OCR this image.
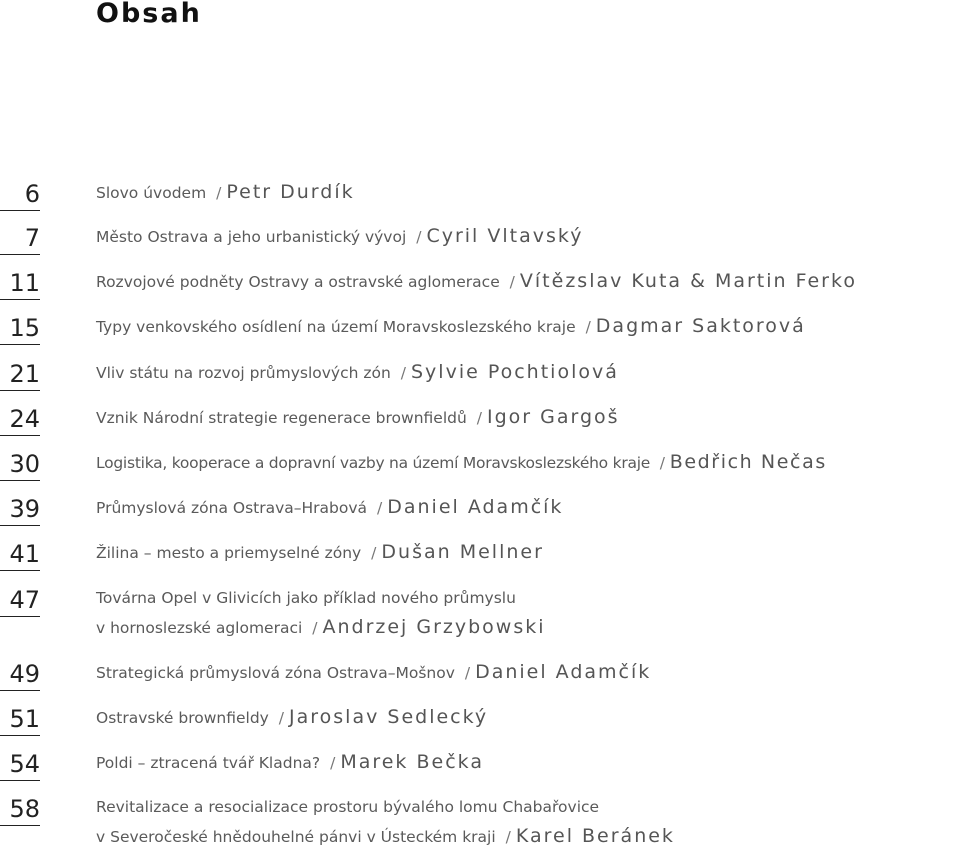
Obsah
6	Slovo úvodem / Petr Durdík
7	Město Ostrava a jeho urbanistický vývoj / Cyril Vltavský
11	Rozvojové podněty Ostravy a ostravské aglomerace / Vítězslav Kuta & Martin Ferko
15	Typy venkovského osídlení na území Moravskoslezského kraje / Dagmar Saktorová
21	Vliv státu na rozvoj průmyslových zón / Sylvie Pochtiolová
24	Vznik Národní strategie regenerace brownfieldů / Igor Gargoš
30	Logistika, kooperace a dopravní vazby na území Moravskoslezského kraje / Bedřich Nečas
39	Průmyslová zóna Ostrava–Hrabová / Daniel Adamčík
41	Žilina – mesto a priemyselné zóny / Dušan Mellner
47	Továrna Opel v Glivicích jako příklad nového průmyslu
v hornoslezské aglomeraci / Andrzej Grzybowski
49	Strategická průmyslová zóna Ostrava–Mošnov / Daniel Adamčík
51	Ostravské brownfieldy / Jaroslav Sedlecký
54	Poldi – ztracená tvář Kladna? / Marek Bečka
58	Revitalizace a resocializace prostoru bývalého lomu Chabařovice
v Severočeské hnědouhelné pánvi v Ústeckém kraji / Karel Beránek
